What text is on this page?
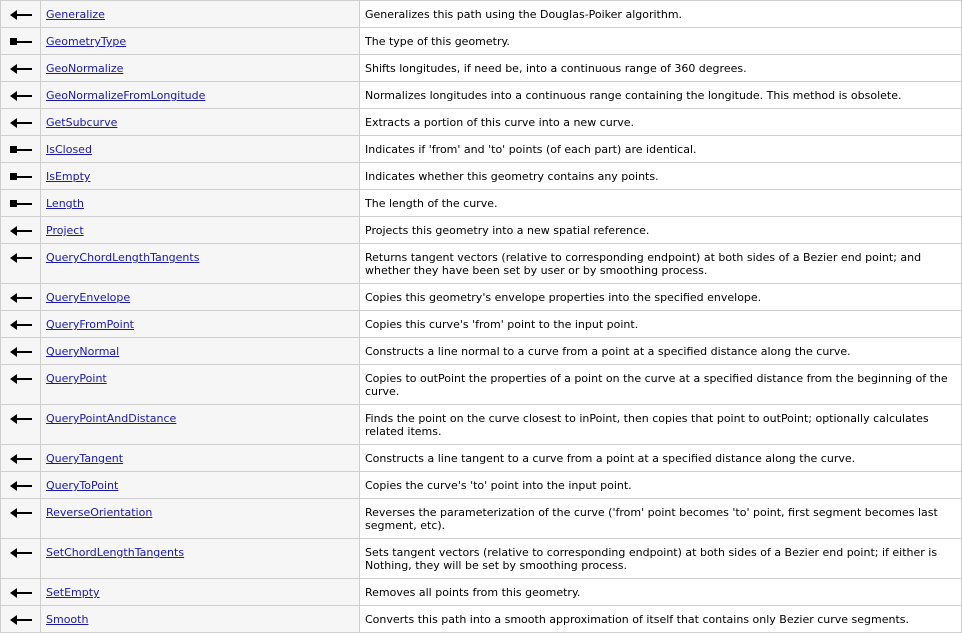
	Generalize	Generalizes this path using the Douglas-Poiker algorithm.

	GeometryType	The type of this geometry.

	GeoNormalize	Shifts longitudes, if need be, into a continuous range of 360 degrees.

	GeoNormalizeFromLongitude	Normalizes longitudes into a continuous range containing the longitude. This method is obsolete.

	GetSubcurve	Extracts a portion of this curve into a new curve.

	IsClosed	Indicates if 'from' and 'to' points (of each part) are identical.

	IsEmpty	Indicates whether this geometry contains any points.

	Length	The length of the curve.

	Project	Projects this geometry into a new spatial reference.

	QueryChordLengthTangents	Returns tangent vectors (relative to corresponding endpoint) at both sides of a Bezier end point; and whether they have been set by user or by smoothing process.

	QueryEnvelope	Copies this geometry's envelope properties into the specified envelope.

	QueryFromPoint	Copies this curve's 'from' point to the input point.

	QueryNormal	Constructs a line normal to a curve from a point at a specified distance along the curve.

	QueryPoint	Copies to outPoint the properties of a point on the curve at a specified distance from the beginning of the curve.

	QueryPointAndDistance	Finds the point on the curve closest to inPoint, then copies that point to outPoint; optionally calculates related items.

	QueryTangent	Constructs a line tangent to a curve from a point at a specified distance along the curve.

	QueryToPoint	Copies the curve's 'to' point into the input point.

	ReverseOrientation	Reverses the parameterization of the curve ('from' point becomes 'to' point, first segment becomes last segment, etc).

	SetChordLengthTangents	Sets tangent vectors (relative to corresponding endpoint) at both sides of a Bezier end point; if either is Nothing, they will be set by smoothing process.

	SetEmpty	Removes all points from this geometry.

	Smooth	Converts this path into a smooth approximation of itself that contains only Bezier curve segments.
